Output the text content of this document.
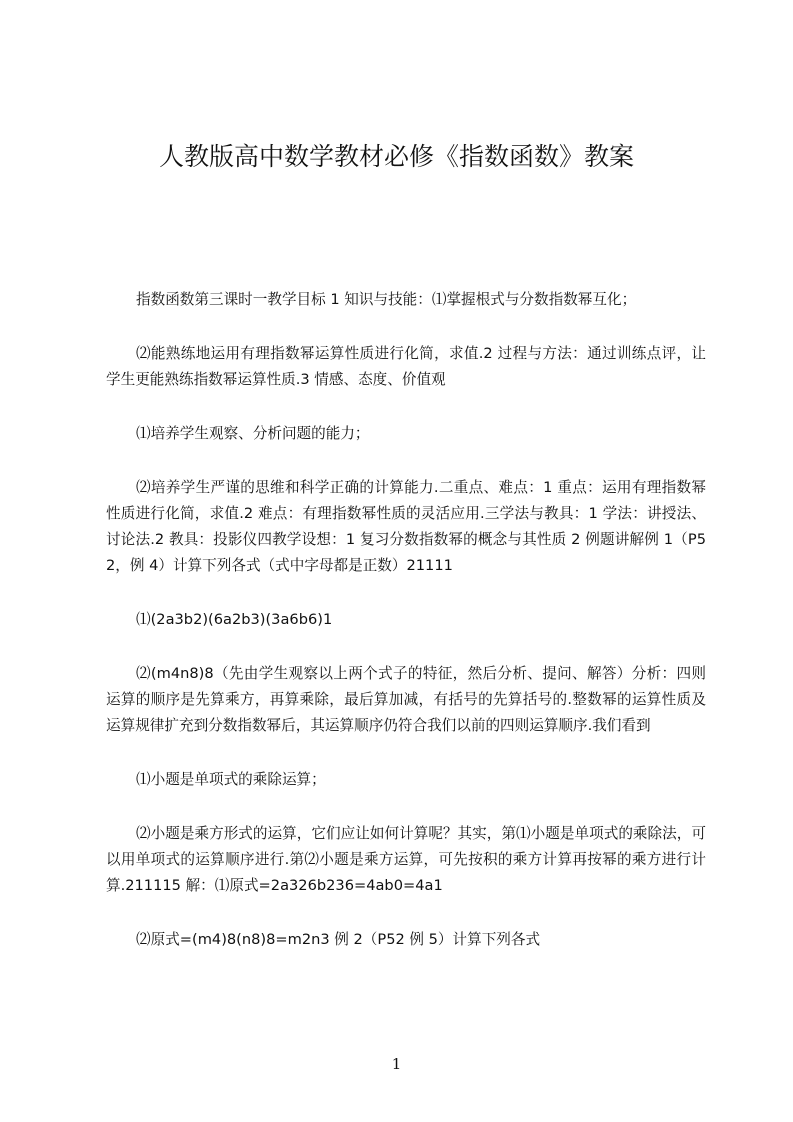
人教版高中数学教材必修《指数函数》教案

指数函数第三课时一教学目标 1 知识与技能：⑴掌握根式与分数指数幂互化；

⑵能熟练地运用有理指数幂运算性质进行化简，求值.2 过程与方法：通过训练点评，让学生更能熟练指数幂运算性质.3 情感、态度、价值观

⑴培养学生观察、分析问题的能力；

⑵培养学生严谨的思维和科学正确的计算能力.二重点、难点：1 重点：运用有理指数幂性质进行化简，求值.2 难点：有理指数幂性质的灵活应用.三学法与教具：1 学法：讲授法、讨论法.2 教具：投影仪四教学设想：1 复习分数指数幂的概念与其性质 2 例题讲解例 1（P52，例 4）计算下列各式（式中字母都是正数）21111

⑴(2a3b2)(6a2b3)(3a6b6)1

⑵(m4n8)8（先由学生观察以上两个式子的特征，然后分析、提问、解答）分析：四则运算的顺序是先算乘方，再算乘除，最后算加减，有括号的先算括号的.整数幂的运算性质及运算规律扩充到分数指数幂后，其运算顺序仍符合我们以前的四则运算顺序.我们看到

⑴小题是单项式的乘除运算；

⑵小题是乘方形式的运算，它们应让如何计算呢？其实，第⑴小题是单项式的乘除法，可以用单项式的运算顺序进行.第⑵小题是乘方运算，可先按积的乘方计算再按幂的乘方进行计算.211115 解：⑴原式=2a326b236=4ab0=4a1

⑵原式=(m4)8(n8)8=m2n3 例 2（P52 例 5）计算下列各式

1
